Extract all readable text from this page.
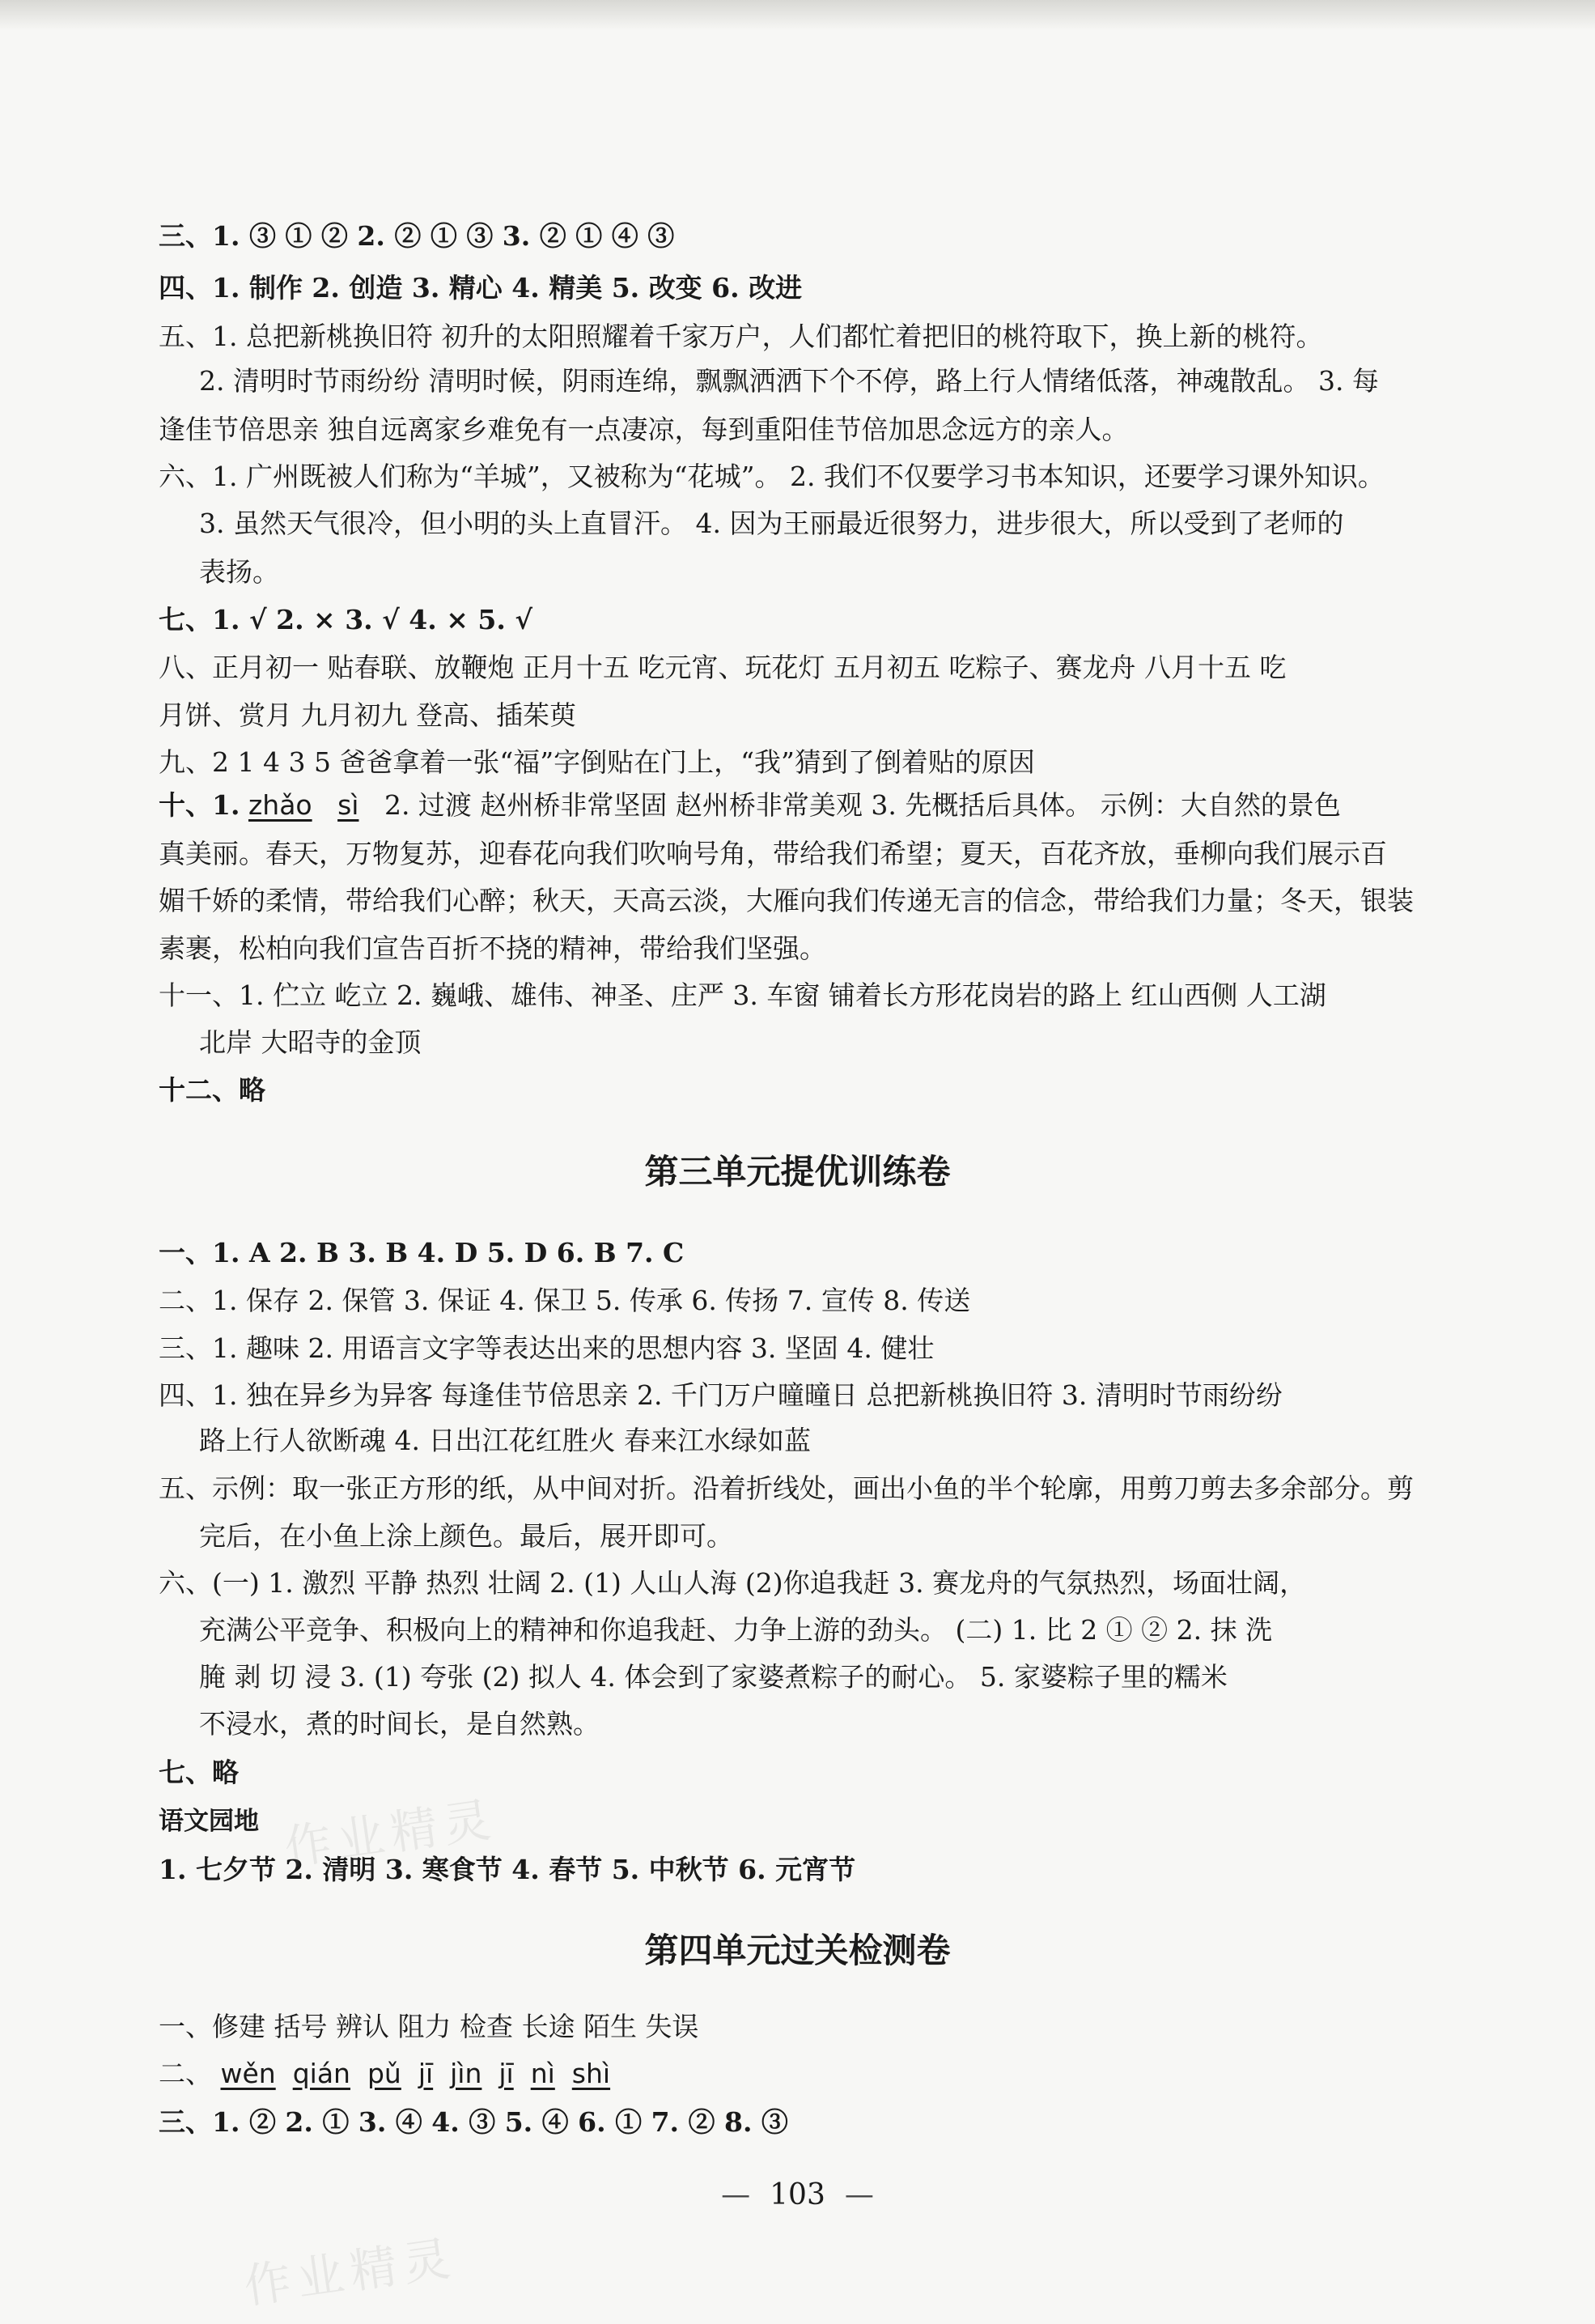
三、1. ③ ① ② 2. ② ① ③ 3. ② ① ④ ③
四、1. 制作 2. 创造 3. 精心 4. 精美 5. 改变 6. 改进
五、1. 总把新桃换旧符 初升的太阳照耀着千家万户，人们都忙着把旧的桃符取下，换上新的桃符。
2. 清明时节雨纷纷 清明时候，阴雨连绵，飘飘洒洒下个不停，路上行人情绪低落，神魂散乱。 3. 每
逢佳节倍思亲 独自远离家乡难免有一点凄凉，每到重阳佳节倍加思念远方的亲人。
六、1. 广州既被人们称为“羊城”，又被称为“花城”。 2. 我们不仅要学习书本知识，还要学习课外知识。
3. 虽然天气很冷，但小明的头上直冒汗。 4. 因为王丽最近很努力，进步很大，所以受到了老师的
表扬。
七、1. √ 2. × 3. √ 4. × 5. √
八、正月初一 贴春联、放鞭炮 正月十五 吃元宵、玩花灯 五月初五 吃粽子、赛龙舟 八月十五 吃
月饼、赏月 九月初九 登高、插茱萸
九、2 1 4 3 5 爸爸拿着一张“福”字倒贴在门上，“我”猜到了倒着贴的原因
十、1. zhǎo sì 2. 过渡 赵州桥非常坚固 赵州桥非常美观 3. 先概括后具体。 示例：大自然的景色
真美丽。春天，万物复苏，迎春花向我们吹响号角，带给我们希望；夏天，百花齐放，垂柳向我们展示百
媚千娇的柔情，带给我们心醉；秋天，天高云淡，大雁向我们传递无言的信念，带给我们力量；冬天，银装
素裹，松柏向我们宣告百折不挠的精神，带给我们坚强。
十一、1. 伫立 屹立 2. 巍峨、雄伟、神圣、庄严 3. 车窗 铺着长方形花岗岩的路上 红山西侧 人工湖
北岸 大昭寺的金顶
十二、略
第三单元提优训练卷
一、1. A 2. B 3. B 4. D 5. D 6. B 7. C
二、1. 保存 2. 保管 3. 保证 4. 保卫 5. 传承 6. 传扬 7. 宣传 8. 传送
三、1. 趣味 2. 用语言文字等表达出来的思想内容 3. 坚固 4. 健壮
四、1. 独在异乡为异客 每逢佳节倍思亲 2. 千门万户曈曈日 总把新桃换旧符 3. 清明时节雨纷纷
路上行人欲断魂 4. 日出江花红胜火 春来江水绿如蓝
五、示例：取一张正方形的纸，从中间对折。沿着折线处，画出小鱼的半个轮廓，用剪刀剪去多余部分。剪
完后，在小鱼上涂上颜色。最后，展开即可。
六、(一) 1. 激烈 平静 热烈 壮阔 2. (1) 人山人海 (2)你追我赶 3. 赛龙舟的气氛热烈，场面壮阔，
充满公平竞争、积极向上的精神和你追我赶、力争上游的劲头。 (二) 1. 比 2 ① ② 2. 抹 洗
腌 剥 切 浸 3. (1) 夸张 (2) 拟人 4. 体会到了家婆煮粽子的耐心。 5. 家婆粽子里的糯米
不浸水，煮的时间长，是自然熟。
七、略
语文园地
1. 七夕节 2. 清明 3. 寒食节 4. 春节 5. 中秋节 6. 元宵节
第四单元过关检测卷
一、修建 括号 辨认 阻力 检查 长途 陌生 失误
二、 wěn qián pǔ jī jìn jī nì shì
三、1. ② 2. ① 3. ④ 4. ③ 5. ④ 6. ① 7. ② 8. ③
— 103 —
作业精灵
作业精灵
